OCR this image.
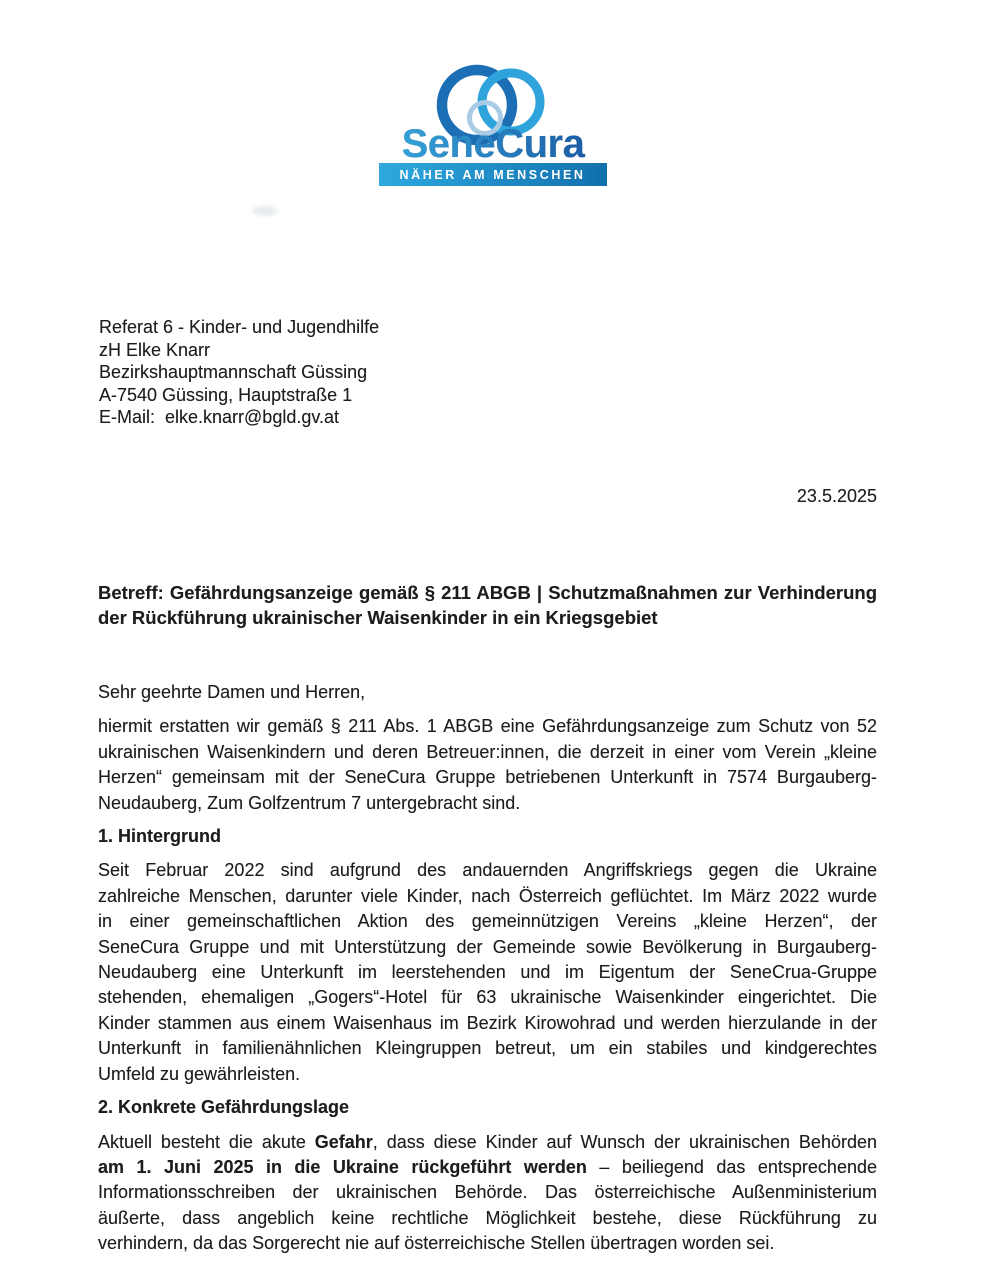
SeneCura
NÄHER AM MENSCHEN
Referat 6 - Kinder- und Jugendhilfe
zH Elke Knarr
Bezirkshauptmannschaft Güssing
A-7540 Güssing, Hauptstraße 1
E-Mail:  elke.knarr@bgld.gv.at
23.5.2025
Betreff: Gefährdungsanzeige gemäß § 211 ABGB | Schutzmaßnahmen zur Verhinderung
der Rückführung ukrainischer Waisenkinder in ein Kriegsgebiet
Sehr geehrte Damen und Herren,
hiermit erstatten wir gemäß § 211 Abs. 1 ABGB eine Gefährdungsanzeige zum Schutz von 52
ukrainischen Waisenkindern und deren Betreuer:innen, die derzeit in einer vom Verein „kleine
Herzen“ gemeinsam mit der SeneCura Gruppe betriebenen Unterkunft in 7574 Burgauberg-
Neudauberg, Zum Golfzentrum 7 untergebracht sind.
1. Hintergrund
Seit Februar 2022 sind aufgrund des andauernden Angriffskriegs gegen die Ukraine
zahlreiche Menschen, darunter viele Kinder, nach Österreich geflüchtet. Im März 2022 wurde
in einer gemeinschaftlichen Aktion des gemeinnützigen Vereins „kleine Herzen“, der
SeneCura Gruppe und mit Unterstützung der Gemeinde sowie Bevölkerung in Burgauberg-
Neudauberg eine Unterkunft im leerstehenden und im Eigentum der SeneCrua-Gruppe
stehenden, ehemaligen „Gogers“-Hotel für 63 ukrainische Waisenkinder eingerichtet. Die
Kinder stammen aus einem Waisenhaus im Bezirk Kirowohrad und werden hierzulande in der
Unterkunft in familienähnlichen Kleingruppen betreut, um ein stabiles und kindgerechtes
Umfeld zu gewährleisten.
2. Konkrete Gefährdungslage
Aktuell besteht die akute Gefahr, dass diese Kinder auf Wunsch der ukrainischen Behörden
am 1. Juni 2025 in die Ukraine rückgeführt werden – beiliegend das entsprechende
Informationsschreiben der ukrainischen Behörde. Das österreichische Außenministerium
äußerte, dass angeblich keine rechtliche Möglichkeit bestehe, diese Rückführung zu
verhindern, da das Sorgerecht nie auf österreichische Stellen übertragen worden sei.
